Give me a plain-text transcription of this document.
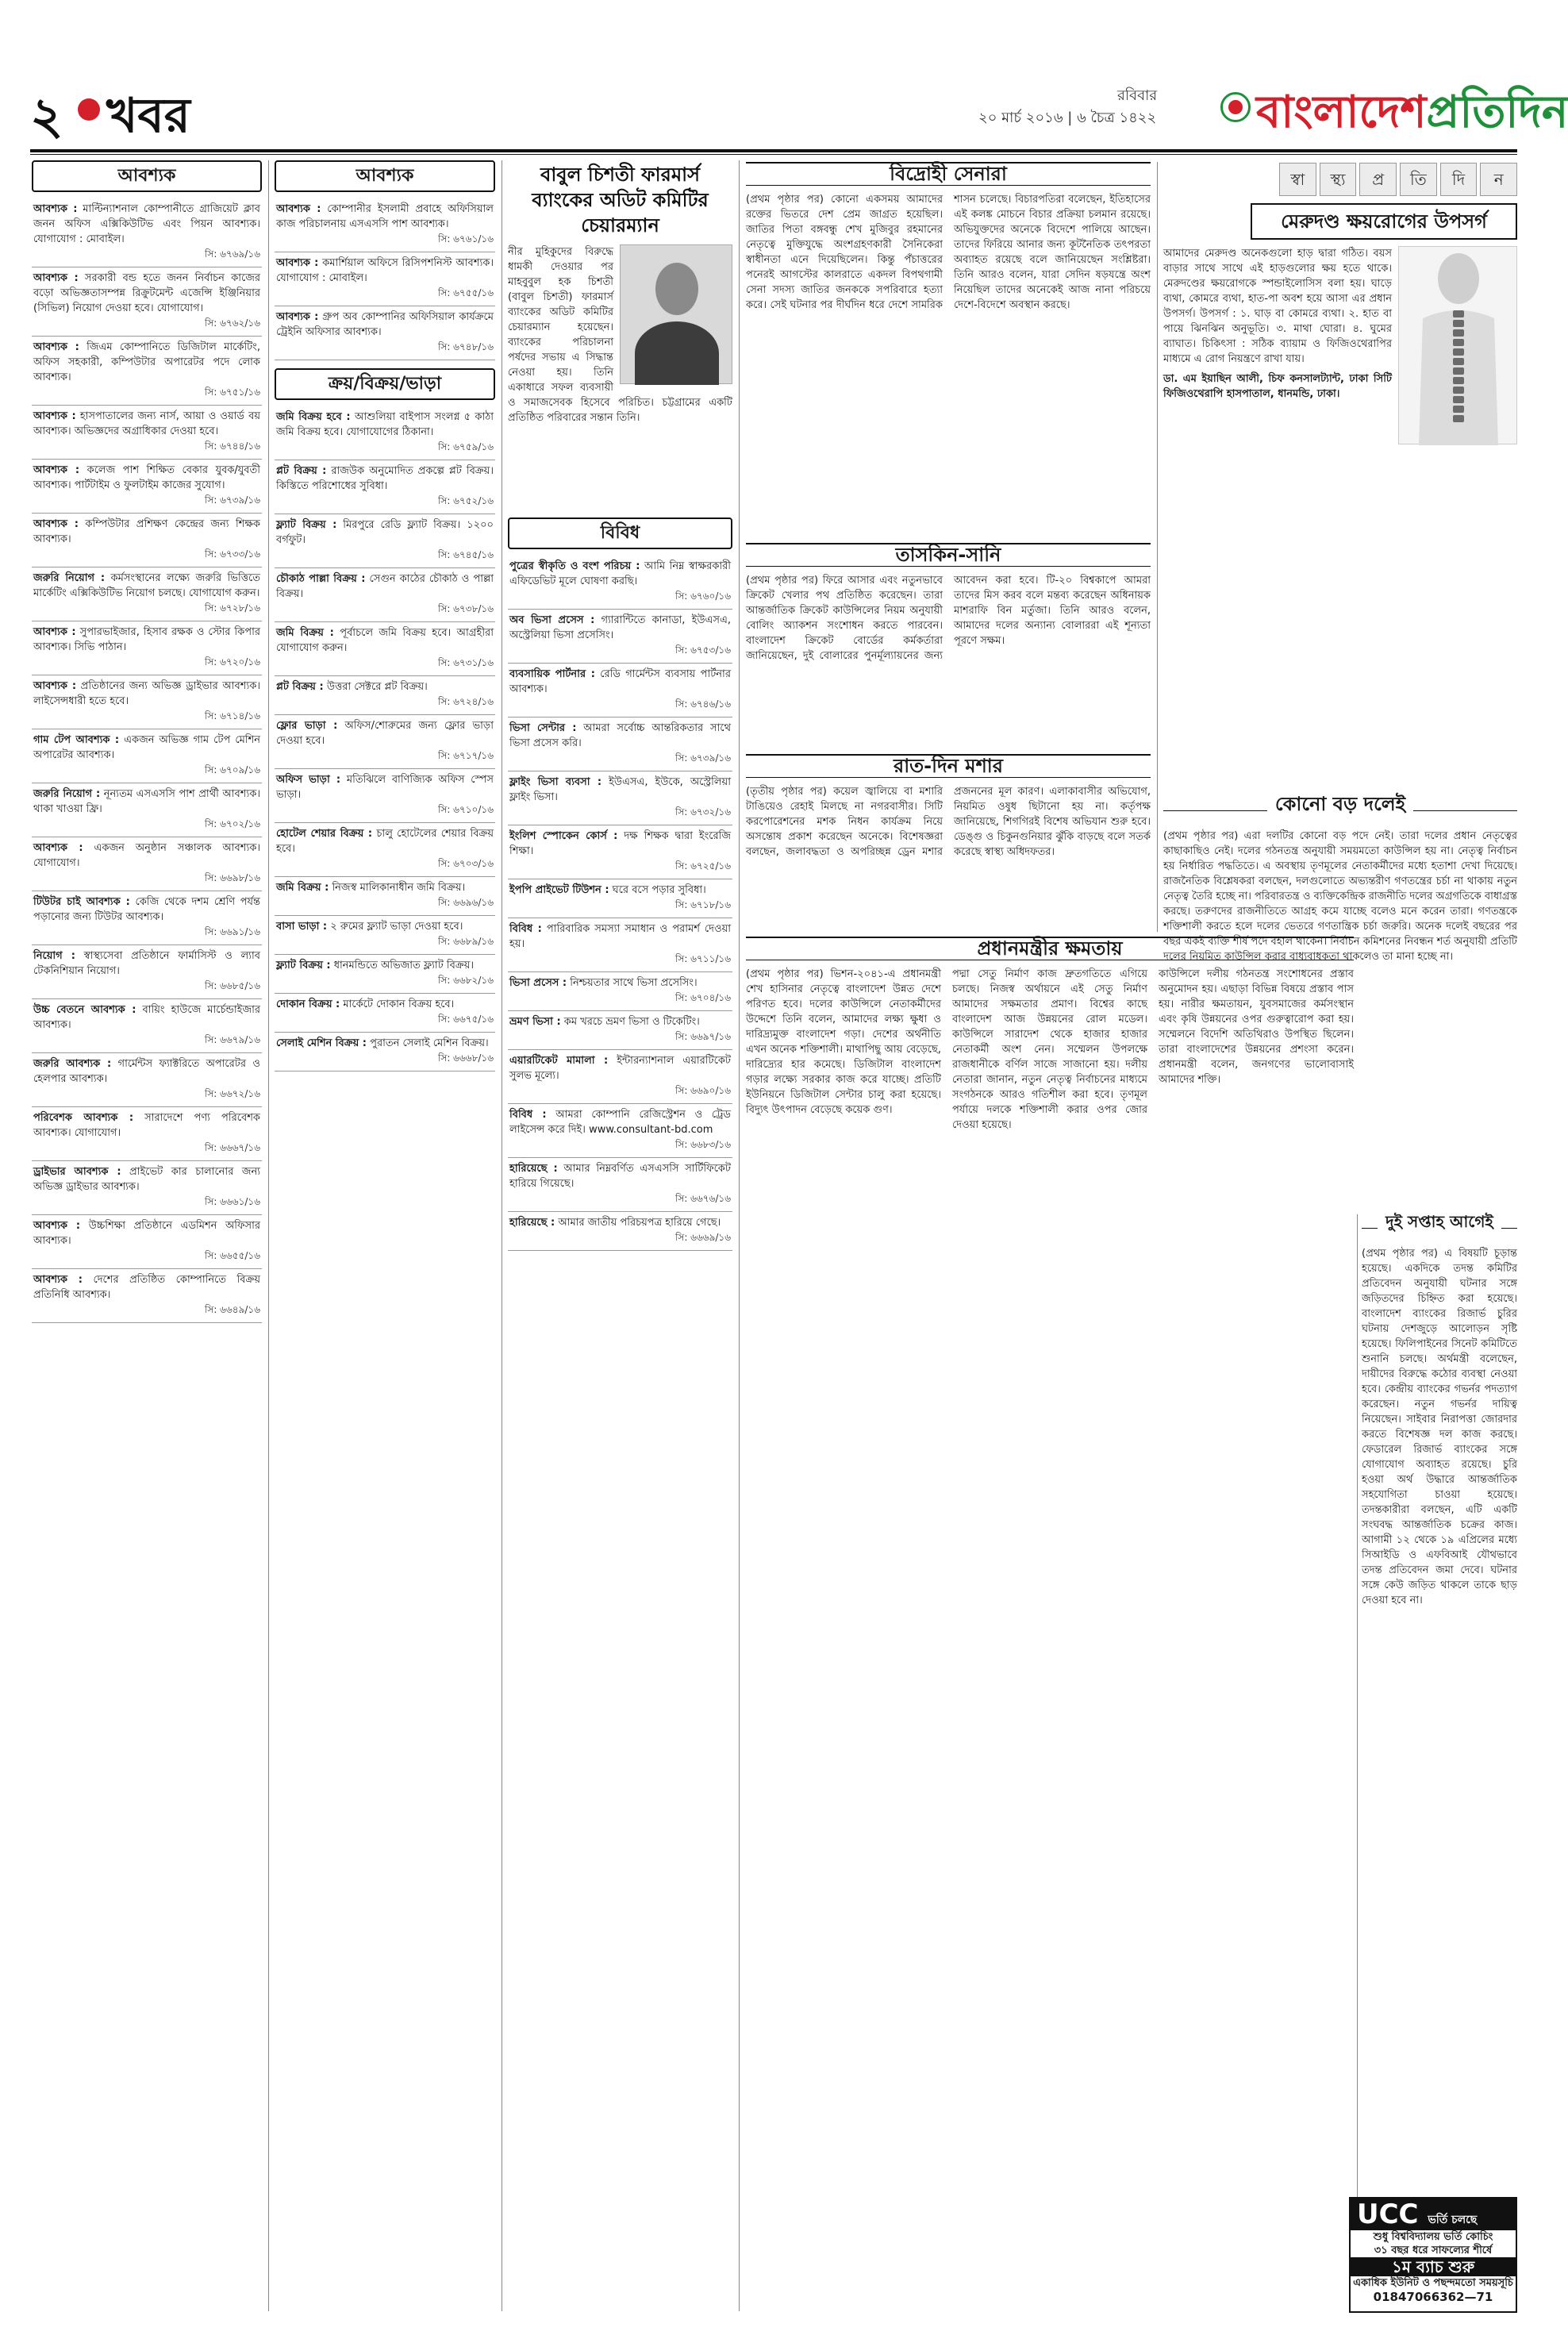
২ খবর	রবিবার
২০ মার্চ ২০১৬ | ৬ চৈত্র ১৪২২ বাংলাদেশপ্রতিদিন
আবশ্যক
আবশ্যক : মাল্টিন্যাশনাল কোম্পানীতে গ্রাজিয়েট ক্লাব জনন অফিস এক্সিকিউটিভ এবং পিয়ন আবশ্যক। যোগাযোগ : মোবাইল।
সি: ৬৭৬৯/১৬
আবশ্যক : সরকারী বন্ড হতে জনন নির্বাচন কাজের বড়ো অভিজ্ঞতাসম্পন্ন রিক্রুটমেন্ট এজেন্সি ইঞ্জিনিয়ার (সিভিল) নিয়োগ দেওয়া হবে। যোগাযোগ।
সি: ৬৭৬২/১৬
আবশ্যক : জিএম কোম্পানিতে ডিজিটাল মার্কেটিং, অফিস সহকারী, কম্পিউটার অপারেটর পদে লোক আবশ্যক।
সি: ৬৭৫১/১৬
আবশ্যক : হাসপাতালের জন্য নার্স, আয়া ও ওয়ার্ড বয় আবশ্যক। অভিজ্ঞদের অগ্রাধিকার দেওয়া হবে।
সি: ৬৭৪৪/১৬
আবশ্যক : কলেজ পাশ শিক্ষিত বেকার যুবক/যুবতী আবশ্যক। পার্টটাইম ও ফুলটাইম কাজের সুযোগ।
সি: ৬৭৩৯/১৬
আবশ্যক : কম্পিউটার প্রশিক্ষণ কেন্দ্রের জন্য শিক্ষক আবশ্যক।
সি: ৬৭৩৩/১৬
জরুরি নিয়োগ : কর্মসংস্থানের লক্ষ্যে জরুরি ভিত্তিতে মার্কেটিং এক্সিকিউটিভ নিয়োগ চলছে। যোগাযোগ করুন।
সি: ৬৭২৮/১৬
আবশ্যক : সুপারভাইজার, হিসাব রক্ষক ও স্টোর কিপার আবশ্যক। সিভি পাঠান।
সি: ৬৭২০/১৬
আবশ্যক : প্রতিষ্ঠানের জন্য অভিজ্ঞ ড্রাইভার আবশ্যক। লাইসেন্সধারী হতে হবে।
সি: ৬৭১৪/১৬
গাম টেপ আবশ্যক : একজন অভিজ্ঞ গাম টেপ মেশিন অপারেটর আবশ্যক।
সি: ৬৭০৯/১৬
জরুরি নিয়োগ : নূন্যতম এসএসসি পাশ প্রার্থী আবশ্যক। থাকা খাওয়া ফ্রি।
সি: ৬৭০২/১৬
আবশ্যক : একজন অনুষ্ঠান সঞ্চালক আবশ্যক। যোগাযোগ।
সি: ৬৬৯৮/১৬
টিউটর চাই আবশ্যক : কেজি থেকে দশম শ্রেণি পর্যন্ত পড়ানোর জন্য টিউটর আবশ্যক।
সি: ৬৬৯১/১৬
নিয়োগ : স্বাস্থ্যসেবা প্রতিষ্ঠানে ফার্মাসিস্ট ও ল্যাব টেকনিশিয়ান নিয়োগ।
সি: ৬৬৮৫/১৬
উচ্চ বেতনে আবশ্যক : বায়িং হাউজে মার্চেন্ডাইজার আবশ্যক।
সি: ৬৬৭৯/১৬
জরুরি আবশ্যক : গার্মেন্টস ফ্যাক্টরিতে অপারেটর ও হেলপার আবশ্যক।
সি: ৬৬৭২/১৬
পরিবেশক আবশ্যক : সারাদেশে পণ্য পরিবেশক আবশ্যক। যোগাযোগ।
সি: ৬৬৬৭/১৬
ড্রাইভার আবশ্যক : প্রাইভেট কার চালানোর জন্য অভিজ্ঞ ড্রাইভার আবশ্যক।
সি: ৬৬৬১/১৬
আবশ্যক : উচ্চশিক্ষা প্রতিষ্ঠানে এডমিশন অফিসার আবশ্যক।
সি: ৬৬৫৫/১৬
আবশ্যক : দেশের প্রতিষ্ঠিত কোম্পানিতে বিক্রয় প্রতিনিধি আবশ্যক।
সি: ৬৬৪৯/১৬
আবশ্যক
আবশ্যক : কোম্পানীর ইসলামী প্রবাহে অফিসিয়াল কাজ পরিচালনায় এসএসসি পাশ আবশ্যক।
সি: ৬৭৬১/১৬
আবশ্যক : কমার্শিয়াল অফিসে রিসিপশনিস্ট আবশ্যক। যোগাযোগ : মোবাইল।
সি: ৬৭৫৫/১৬
আবশ্যক : গ্রুপ অব কোম্পানির অফিসিয়াল কার্যক্রমে ট্রেইনি অফিসার আবশ্যক।
সি: ৬৭৪৮/১৬
ক্রয়/বিক্রয়/ভাড়া
জমি বিক্রয় হবে : আশুলিয়া বাইপাস সংলগ্ন ৫ কাঠা জমি বিক্রয় হবে। যোগাযোগের ঠিকানা।
সি: ৬৭৫৯/১৬
প্লট বিক্রয় : রাজউক অনুমোদিত প্রকল্পে প্লট বিক্রয়। কিস্তিতে পরিশোধের সুবিধা।
সি: ৬৭৫২/১৬
ফ্ল্যাট বিক্রয় : মিরপুরে রেডি ফ্ল্যাট বিক্রয়। ১২০০ বর্গফুট।
সি: ৬৭৪৫/১৬
চৌকাঠ পাল্লা বিক্রয় : সেগুন কাঠের চৌকাঠ ও পাল্লা বিক্রয়।
সি: ৬৭৩৮/১৬
জমি বিক্রয় : পূর্বাচলে জমি বিক্রয় হবে। আগ্রহীরা যোগাযোগ করুন।
সি: ৬৭৩১/১৬
প্লট বিক্রয় : উত্তরা সেক্টরে প্লট বিক্রয়।
সি: ৬৭২৪/১৬
ফ্লোর ভাড়া : অফিস/শোরুমের জন্য ফ্লোর ভাড়া দেওয়া হবে।
সি: ৬৭১৭/১৬
অফিস ভাড়া : মতিঝিলে বাণিজ্যিক অফিস স্পেস ভাড়া।
সি: ৬৭১০/১৬
হোটেল শেয়ার বিক্রয় : চালু হোটেলের শেয়ার বিক্রয় হবে।
সি: ৬৭০৩/১৬
জমি বিক্রয় : নিজস্ব মালিকানাধীন জমি বিক্রয়।
সি: ৬৬৯৬/১৬
বাসা ভাড়া : ২ রুমের ফ্ল্যাট ভাড়া দেওয়া হবে।
সি: ৬৬৮৯/১৬
ফ্ল্যাট বিক্রয় : ধানমন্ডিতে অভিজাত ফ্ল্যাট বিক্রয়।
সি: ৬৬৮২/১৬
দোকান বিক্রয় : মার্কেটে দোকান বিক্রয় হবে।
সি: ৬৬৭৫/১৬
সেলাই মেশিন বিক্রয় : পুরাতন সেলাই মেশিন বিক্রয়।
সি: ৬৬৬৮/১৬
বাবুল চিশতী ফারমার্স ব্যাংকের অডিট কমিটির চেয়ারম্যান
নীর মুহিকুদের বিরুদ্ধে ধামকী দেওয়ার পর মাহবুবুল হক চিশতী (বাবুল চিশতী) ফারমার্স ব্যাংকের অডিট কমিটির চেয়ারম্যান হয়েছেন। ব্যাংকের পরিচালনা পর্ষদের সভায় এ সিদ্ধান্ত নেওয়া হয়। তিনি একাধারে সফল ব্যবসায়ী ও সমাজসেবক হিসেবে পরিচিত। চট্টগ্রামের একটি প্রতিষ্ঠিত পরিবারের সন্তান তিনি।
বিবিধ
পুত্রের স্বীকৃতি ও বংশ পরিচয় : আমি নিম্ন স্বাক্ষরকারী এফিডেভিট মূলে ঘোষণা করছি।
সি: ৬৭৬০/১৬
অব ভিসা প্রসেস : গ্যারান্টিতে কানাডা, ইউএসএ, অস্ট্রেলিয়া ভিসা প্রসেসিং।
সি: ৬৭৫৩/১৬
ব্যবসায়িক পার্টনার : রেডি গার্মেন্টস ব্যবসায় পার্টনার আবশ্যক।
সি: ৬৭৪৬/১৬
ভিসা সেন্টার : আমরা সর্বোচ্চ আন্তরিকতার সাথে ভিসা প্রসেস করি।
সি: ৬৭৩৯/১৬
ফ্লাইং ভিসা ব্যবসা : ইউএসএ, ইউকে, অস্ট্রেলিয়া ফ্লাইং ভিসা।
সি: ৬৭৩২/১৬
ইংলিশ স্পোকেন কোর্স : দক্ষ শিক্ষক দ্বারা ইংরেজি শিক্ষা।
সি: ৬৭২৫/১৬
ইপপি প্রাইভেট টিউশন : ঘরে বসে পড়ার সুবিধা।
সি: ৬৭১৮/১৬
বিবিধ : পারিবারিক সমস্যা সমাধান ও পরামর্শ দেওয়া হয়।
সি: ৬৭১১/১৬
ভিসা প্রসেস : নিশ্চয়তার সাথে ভিসা প্রসেসিং।
সি: ৬৭০৪/১৬
ভ্রমণ ভিসা : কম খরচে ভ্রমণ ভিসা ও টিকেটিং।
সি: ৬৬৯৭/১৬
এয়ারটিকেট মামালা : ইন্টারন্যাশনাল এয়ারটিকেট সুলভ মূল্যে।
সি: ৬৬৯০/১৬
বিবিধ : আমরা কোম্পানি রেজিস্ট্রেশন ও ট্রেড লাইসেন্স করে দিই। www.consultant-bd.com
সি: ৬৬৮৩/১৬
হারিয়েছে : আমার নিম্নবর্ণিত এসএসসি সার্টিফিকেট হারিয়ে গিয়েছে।
সি: ৬৬৭৬/১৬
হারিয়েছে : আমার জাতীয় পরিচয়পত্র হারিয়ে গেছে।
সি: ৬৬৬৯/১৬
বিদ্রোহী সেনারা
(প্রথম পৃষ্ঠার পর) কোনো একসময় আমাদের রক্তের ভিতরে দেশ প্রেম জাগ্রত হয়েছিল। জাতির পিতা বঙ্গবন্ধু শেখ মুজিবুর রহমানের নেতৃত্বে মুক্তিযুদ্ধে অংশগ্রহণকারী সৈনিকেরা স্বাধীনতা এনে দিয়েছিলেন। কিন্তু পঁচাত্তরের পনেরই আগস্টের কালরাতে একদল বিপথগামী সেনা সদস্য জাতির জনককে সপরিবারে হত্যা করে। সেই ঘটনার পর দীর্ঘদিন ধরে দেশে সামরিক শাসন চলেছে। বিচারপতিরা বলেছেন, ইতিহাসের এই কলঙ্ক মোচনে বিচার প্রক্রিয়া চলমান রয়েছে। অভিযুক্তদের অনেকে বিদেশে পালিয়ে আছেন। তাদের ফিরিয়ে আনার জন্য কূটনৈতিক তৎপরতা অব্যাহত রয়েছে বলে জানিয়েছেন সংশ্লিষ্টরা। তিনি আরও বলেন, যারা সেদিন ষড়যন্ত্রে অংশ নিয়েছিল তাদের অনেকেই আজ নানা পরিচয়ে দেশে-বিদেশে অবস্থান করছে।
তাসকিন-সানি
(প্রথম পৃষ্ঠার পর) ফিরে আসার এবং নতুনভাবে ক্রিকেট খেলার পথ প্রতিষ্ঠিত করেছেন। তারা আন্তর্জাতিক ক্রিকেট কাউন্সিলের নিয়ম অনুযায়ী বোলিং অ্যাকশন সংশোধন করতে পারবেন। বাংলাদেশ ক্রিকেট বোর্ডের কর্মকর্তারা জানিয়েছেন, দুই বোলারের পুনর্মূল্যায়নের জন্য আবেদন করা হবে। টি-২০ বিশ্বকাপে আমরা তাদের মিস করব বলে মন্তব্য করেছেন অধিনায়ক মাশরাফি বিন মর্তুজা। তিনি আরও বলেন, আমাদের দলের অন্যান্য বোলাররা এই শূন্যতা পূরণে সক্ষম।
রাত-দিন মশার
(তৃতীয় পৃষ্ঠার পর) কয়েল জ্বালিয়ে বা মশারি টাঙিয়েও রেহাই মিলছে না নগরবাসীর। সিটি করপোরেশনের মশক নিধন কার্যক্রম নিয়ে অসন্তোষ প্রকাশ করেছেন অনেকে। বিশেষজ্ঞরা বলছেন, জলাবদ্ধতা ও অপরিচ্ছন্ন ড্রেন মশার প্রজননের মূল কারণ। এলাকাবাসীর অভিযোগ, নিয়মিত ওষুধ ছিটানো হয় না। কর্তৃপক্ষ জানিয়েছে, শিগগিরই বিশেষ অভিযান শুরু হবে। ডেঙ্গু ও চিকুনগুনিয়ার ঝুঁকি বাড়ছে বলে সতর্ক করেছে স্বাস্থ্য অধিদফতর।
প্রধানমন্ত্রীর ক্ষমতায়
(প্রথম পৃষ্ঠার পর) ভিশন-২০৪১-এ প্রধানমন্ত্রী শেখ হাসিনার নেতৃত্বে বাংলাদেশ উন্নত দেশে পরিণত হবে। দলের কাউন্সিলে নেতাকর্মীদের উদ্দেশে তিনি বলেন, আমাদের লক্ষ্য ক্ষুধা ও দারিদ্র্যমুক্ত বাংলাদেশ গড়া। দেশের অর্থনীতি এখন অনেক শক্তিশালী। মাথাপিছু আয় বেড়েছে, দারিদ্র্যের হার কমেছে। ডিজিটাল বাংলাদেশ গড়ার লক্ষ্যে সরকার কাজ করে যাচ্ছে। প্রতিটি ইউনিয়নে ডিজিটাল সেন্টার চালু করা হয়েছে। বিদ্যুৎ উৎপাদন বেড়েছে কয়েক গুণ।
পদ্মা সেতু নির্মাণ কাজ দ্রুতগতিতে এগিয়ে চলছে। নিজস্ব অর্থায়নে এই সেতু নির্মাণ আমাদের সক্ষমতার প্রমাণ। বিশ্বের কাছে বাংলাদেশ আজ উন্নয়নের রোল মডেল। কাউন্সিলে সারাদেশ থেকে হাজার হাজার নেতাকর্মী অংশ নেন। সম্মেলন উপলক্ষে রাজধানীকে বর্ণিল সাজে সাজানো হয়। দলীয় নেতারা জানান, নতুন নেতৃত্ব নির্বাচনের মাধ্যমে সংগঠনকে আরও গতিশীল করা হবে। তৃণমূল পর্যায়ে দলকে শক্তিশালী করার ওপর জোর দেওয়া হয়েছে।
কাউন্সিলে দলীয় গঠনতন্ত্র সংশোধনের প্রস্তাব অনুমোদন হয়। এছাড়া বিভিন্ন বিষয়ে প্রস্তাব পাস হয়। নারীর ক্ষমতায়ন, যুবসমাজের কর্মসংস্থান এবং কৃষি উন্নয়নের ওপর গুরুত্বারোপ করা হয়। সম্মেলনে বিদেশি অতিথিরাও উপস্থিত ছিলেন। তারা বাংলাদেশের উন্নয়নের প্রশংসা করেন। প্রধানমন্ত্রী বলেন, জনগণের ভালোবাসাই আমাদের শক্তি।
স্বা	স্থ্য	প্র	তি	দি	ন
মেরুদণ্ড ক্ষয়রোগের উপসর্গ
আমাদের মেরুদণ্ড অনেকগুলো হাড় দ্বারা গঠিত। বয়স বাড়ার সাথে সাথে এই হাড়গুলোর ক্ষয় হতে থাকে। মেরুদণ্ডের ক্ষয়রোগকে স্পন্ডাইলোসিস বলা হয়। ঘাড়ে ব্যথা, কোমরে ব্যথা, হাত-পা অবশ হয়ে আসা এর প্রধান উপসর্গ। উপসর্গ : ১. ঘাড় বা কোমরে ব্যথা। ২. হাত বা পায়ে ঝিনঝিন অনুভূতি। ৩. মাথা ঘোরা। ৪. ঘুমের ব্যাঘাত। চিকিৎসা : সঠিক ব্যায়াম ও ফিজিওথেরাপির মাধ্যমে এ রোগ নিয়ন্ত্রণে রাখা যায়।
ডা. এম ইয়াছিন আলী, চিফ কনসালট্যান্ট, ঢাকা সিটি ফিজিওথেরাপি হাসপাতাল, ধানমন্ডি, ঢাকা।
কোনো বড় দলেই
(প্রথম পৃষ্ঠার পর) এরা দলটির কোনো বড় পদে নেই। তারা দলের প্রধান নেতৃত্বের কাছাকাছিও নেই। দলের গঠনতন্ত্র অনুযায়ী সময়মতো কাউন্সিল হয় না। নেতৃত্ব নির্বাচন হয় নির্ধারিত পদ্ধতিতে। এ অবস্থায় তৃণমূলের নেতাকর্মীদের মধ্যে হতাশা দেখা দিয়েছে। রাজনৈতিক বিশ্লেষকরা বলছেন, দলগুলোতে অভ্যন্তরীণ গণতন্ত্রের চর্চা না থাকায় নতুন নেতৃত্ব তৈরি হচ্ছে না। পরিবারতন্ত্র ও ব্যক্তিকেন্দ্রিক রাজনীতি দলের অগ্রগতিকে বাধাগ্রস্ত করছে। তরুণদের রাজনীতিতে আগ্রহ কমে যাচ্ছে বলেও মনে করেন তারা। গণতন্ত্রকে শক্তিশালী করতে হলে দলের ভেতরে গণতান্ত্রিক চর্চা জরুরি। অনেক দলেই বছরের পর বছর একই ব্যক্তি শীর্ষ পদে বহাল থাকেন। নির্বাচন কমিশনের নিবন্ধন শর্ত অনুযায়ী প্রতিটি দলের নিয়মিত কাউন্সিল করার বাধ্যবাধকতা থাকলেও তা মানা হচ্ছে না।
দুই সপ্তাহ আগেই
(প্রথম পৃষ্ঠার পর) এ বিষয়টি চূড়ান্ত হয়েছে। একদিকে তদন্ত কমিটির প্রতিবেদন অনুযায়ী ঘটনার সঙ্গে জড়িতদের চিহ্নিত করা হয়েছে। বাংলাদেশ ব্যাংকের রিজার্ভ চুরির ঘটনায় দেশজুড়ে আলোড়ন সৃষ্টি হয়েছে। ফিলিপাইনের সিনেট কমিটিতে শুনানি চলছে। অর্থমন্ত্রী বলেছেন, দায়ীদের বিরুদ্ধে কঠোর ব্যবস্থা নেওয়া হবে। কেন্দ্রীয় ব্যাংকের গভর্নর পদত্যাগ করেছেন। নতুন গভর্নর দায়িত্ব নিয়েছেন। সাইবার নিরাপত্তা জোরদার করতে বিশেষজ্ঞ দল কাজ করছে। ফেডারেল রিজার্ভ ব্যাংকের সঙ্গে যোগাযোগ অব্যাহত রয়েছে। চুরি হওয়া অর্থ উদ্ধারে আন্তর্জাতিক সহযোগিতা চাওয়া হয়েছে। তদন্তকারীরা বলছেন, এটি একটি সংঘবদ্ধ আন্তর্জাতিক চক্রের কাজ। আগামী ১২ থেকে ১৯ এপ্রিলের মধ্যে সিআইডি ও এফবিআই যৌথভাবে তদন্ত প্রতিবেদন জমা দেবে। ঘটনার সঙ্গে কেউ জড়িত থাকলে তাকে ছাড় দেওয়া হবে না।
UCC ভর্তি চলছে
শুধু বিশ্ববিদ্যালয় ভর্তি কোচিং
৩১ বছর ধরে সাফল্যের শীর্ষে
১ম ব্যাচ শুরু
একাধিক ইউনিট ও পছন্দমতো সময়সূচি
01847066362—71
